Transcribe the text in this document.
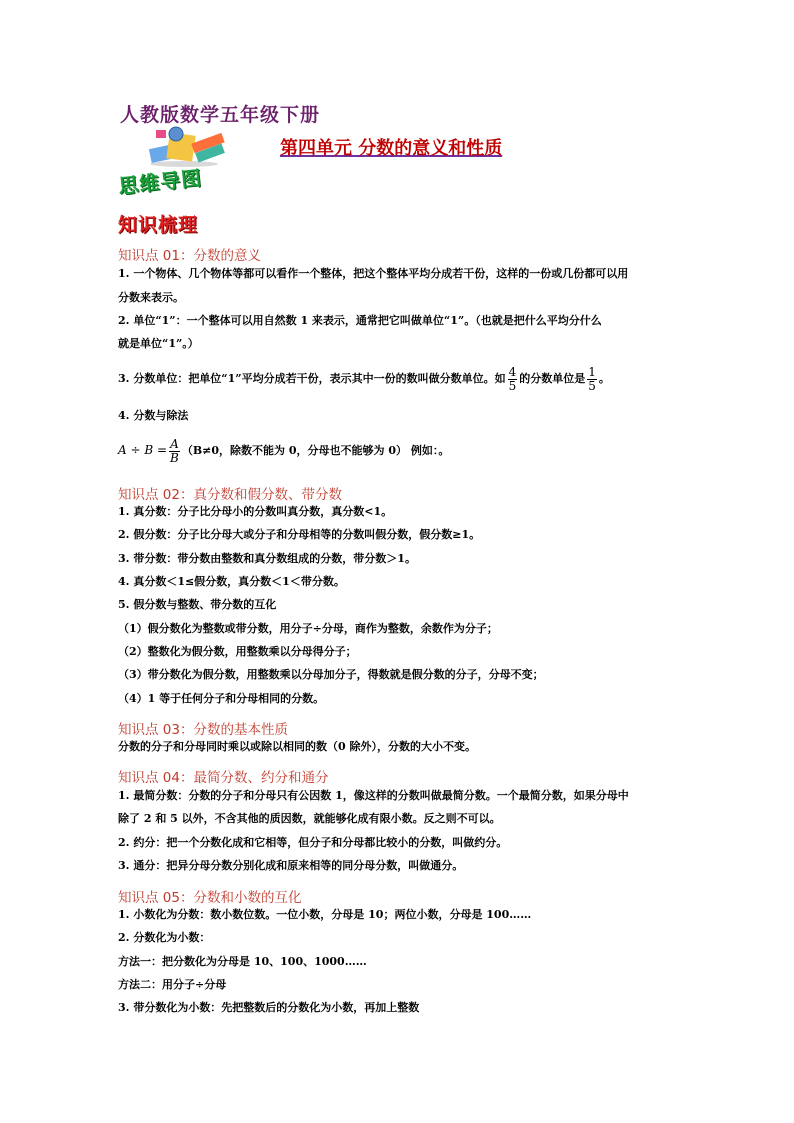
人教版数学五年级下册
第四单元 分数的意义和性质
思维导图
知识梳理
知识点 01：分数的意义
1. 一个物体、几个物体等都可以看作一个整体，把这个整体平均分成若干份，这样的一份或几份都可以用
分数来表示。
2. 单位“1”：一个整体可以用自然数 1 来表示，通常把它叫做单位“1”。（也就是把什么平均分什么
就是单位“1”。）
3. 分数单位：把单位“1”平均分成若干份，表示其中一份的数叫做分数单位。如 $\frac{4}{5}$ 的分数单位是 $\frac{1}{5}$ 。
4. 分数与除法
$A \div B = \frac{A}{B} (B\ne 0$，除数不能为 0，分母也不能够为 0） 例如：。
知识点 02：真分数和假分数、带分数
1. 真分数：分子比分母小的分数叫真分数，真分数<1。
2. 假分数：分子比分母大或分子和分母相等的分数叫假分数，假分数≥1。
3. 带分数：带分数由整数和真分数组成的分数，带分数＞1。
4. 真分数＜1≤假分数，真分数＜1＜带分数。
5. 假分数与整数、带分数的互化
（1）假分数化为整数或带分数，用分子÷分母，商作为整数，余数作为分子；
（2）整数化为假分数，用整数乘以分母得分子；
（3）带分数化为假分数，用整数乘以分母加分子，得数就是假分数的分子，分母不变；
（4）1 等于任何分子和分母相同的分数。
知识点 03：分数的基本性质
分数的分子和分母同时乘以或除以相同的数（0 除外），分数的大小不变。
知识点 04：最简分数、约分和通分
1. 最简分数：分数的分子和分母只有公因数 1，像这样的分数叫做最简分数。一个最简分数，如果分母中
除了 2 和 5 以外，不含其他的质因数，就能够化成有限小数。反之则不可以。
2. 约分：把一个分数化成和它相等，但分子和分母都比较小的分数，叫做约分。
3. 通分：把异分母分数分别化成和原来相等的同分母分数，叫做通分。
知识点 05：分数和小数的互化
1. 小数化为分数：数小数位数。一位小数，分母是 10；两位小数，分母是 100……
2. 分数化为小数：
方法一：把分数化为分母是 10、100、1000……
方法二：用分子÷分母
3. 带分数化为小数：先把整数后的分数化为小数，再加上整数
